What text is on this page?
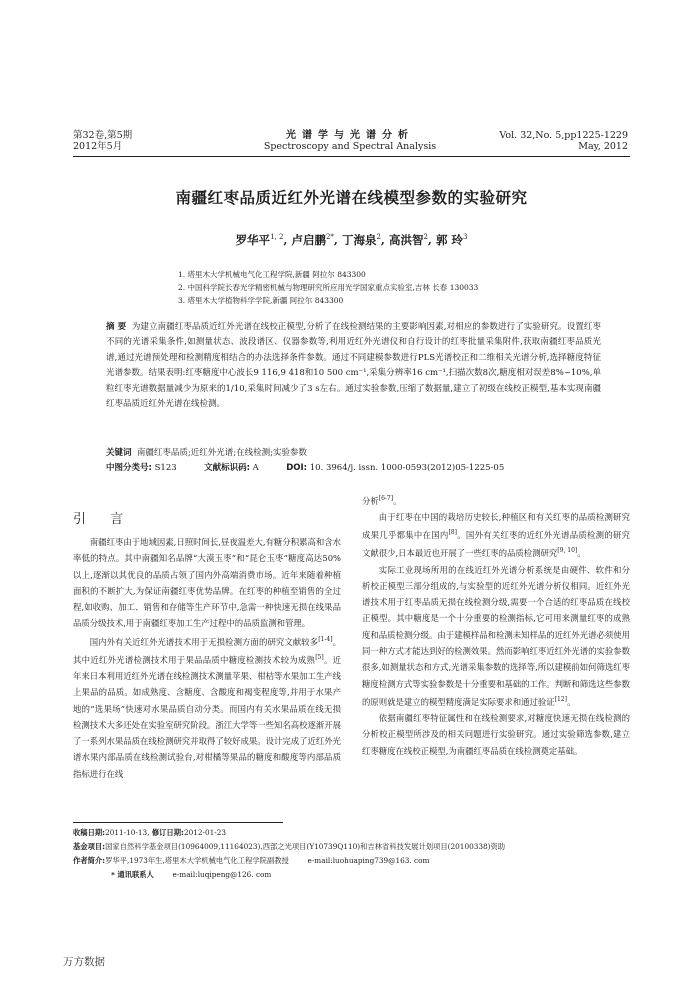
第32卷,第5期
2012年5月
光谱学与光谱分析
Spectroscopy and Spectral Analysis
Vol. 32,No. 5,pp1225-1229
May, 2012
南疆红枣品质近红外光谱在线模型参数的实验研究
罗华平$^{1, 2}$, 卢启鹏$^{2*}$, 丁海泉$^2$, 高洪智$^2$, 郭 玲$^3$
1. 塔里木大学机械电气化工程学院,新疆 阿拉尔 843300
2. 中国科学院长春光学精密机械与物理研究所应用光学国家重点实验室,吉林 长春 130033
3. 塔里木大学植物科学学院,新疆 阿拉尔 843300
摘 要 为建立南疆红枣品质近红外光谱在线校正模型,分析了在线检测结果的主要影响因素,对相应的参数进行了实验研究。设置红枣不同的光谱采集条件,如测量状态、波段谱区、仪器参数等,利用近红外光谱仪和自行设计的红枣批量采集附件,获取南疆红枣品质光谱,通过光谱预处理和检测精度相结合的办法选择条件参数。通过不同建模参数进行PLS光谱校正和二维相关光谱分析,选择糖度特征光谱参数。结果表明:红枣糖度中心波长9 116,9 418和10 500 cm⁻¹,采集分辨率16 cm⁻¹,扫描次数8次,糖度相对误差8%~10%,单粒红枣光谱数据量减少为原来的1/10,采集时间减少了3 s左右。通过实验参数,压缩了数据量,建立了初级在线校正模型,基本实现南疆红枣品质近红外光谱在线检测。
关键词 南疆红枣品质;近红外光谱;在线检测;实验参数
中图分类号: S123	文献标识码: A	DOI: 10. 3964/j. issn. 1000-0593(2012)05-1225-05
引 言

南疆红枣由于地域因素,日照时间长,昼夜温差大,有糖分积累高和含水率低的特点。其中南疆知名品牌“大漠玉枣”和“昆仑玉枣”糖度高达50%以上,逐渐以其优良的品质占领了国内外高端消费市场。近年来随着种植面积的不断扩大,为保证南疆红枣优势品牌。在红枣的种植至销售的全过程,如收购、加工、销售和存储等生产环节中,急需一种快速无损在线果品品质分级技术,用于南疆红枣加工生产过程中的品质监测和管理。

国内外有关近红外光谱技术用于无损检测方面的研究文献较多[1-4]。其中近红外光谱检测技术用于果品品质中糖度检测技术较为成熟[5]。近年来日本利用近红外光谱在线检测技术测量苹果、柑桔等水果加工生产线上果品的品质。如成熟度、含糖度、含酸度和褐变程度等,并用于水果产地的“选果场”快速对水果品质自动分类。而国内有关水果品质在线无损检测技术大多还处在实验室研究阶段。浙江大学等一些知名高校逐渐开展了一系列水果品质在线检测研究并取得了较好成果。设计完成了近红外光谱水果内部品质在线检测试验台,对柑橘等果品的糖度和酸度等内部品质指标进行在线

分析[6-7]。

由于红枣在中国的栽培历史较长,种植区和有关红枣的品质检测研究成果几乎都集中在国内[8]。国外有关红枣的近红外光谱品质检测的研究文献很少,日本最近也开展了一些红枣的品质检测研究[9, 10]。

实际工业现场所用的在线近红外光谱分析系统是由硬件、软件和分析校正模型三部分组成的,与实验型的近红外光谱分析仪相同。近红外光谱技术用于红枣品质无损在线检测分级,需要一个合适的红枣品质在线校正模型。其中糖度是一个十分重要的检测指标,它可用来测量红枣的成熟度和品质检测分级。由于建模样品和检测未知样品的近红外光谱必须使用同一种方式才能达到好的检测效果。然而影响红枣近红外光谱的实验参数很多,如测量状态和方式,光谱采集参数的选择等,所以建模前如何筛选红枣糖度检测方式等实验参数是十分重要和基础的工作。判断和筛选这些参数的原则就是建立的模型精度满足实际要求和通过验证[12]。

依据南疆红枣特征属性和在线检测要求,对糖度快速无损在线检测的分析校正模型所涉及的相关问题进行实验研究。通过实验筛选参数,建立红枣糖度在线校正模型,为南疆红枣品质在线检测奠定基础。

收稿日期:2011-10-13, 修订日期:2012-01-23
基金项目:国家自然科学基金项目(10964009,11164023),西部之光项目(Y10739Q110)和吉林省科技发展计划项目(20100338)资助
作者简介:罗华平,1973年生,塔里木大学机械电气化工程学院副教授	e-mail:luohuaping739@163. com
* 通讯联系人	e-mail:luqipeng@126. com
万方数据
